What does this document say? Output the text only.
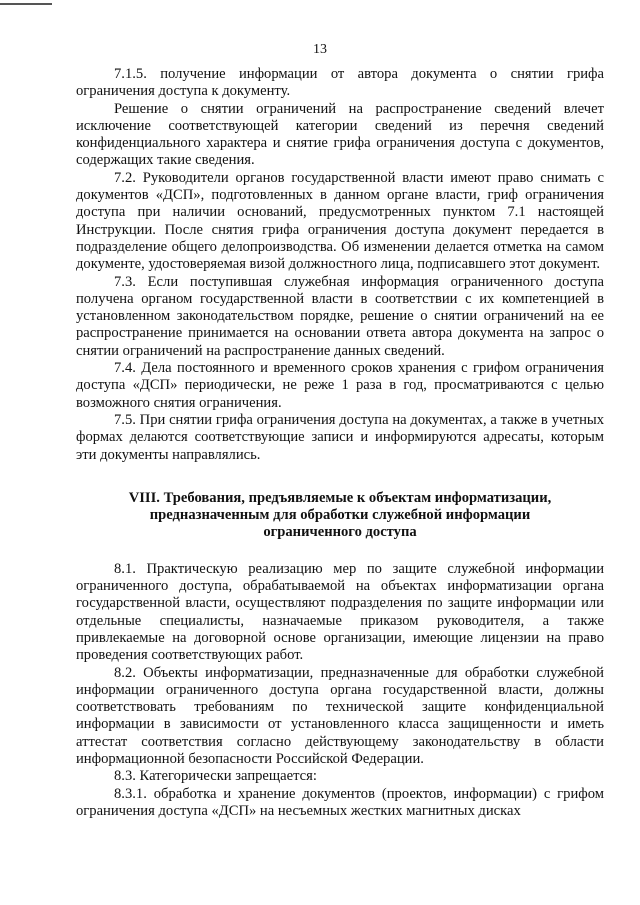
13

7.1.5. получение информации от автора документа о снятии грифа ограничения доступа к документу.

Решение о снятии ограничений на распространение сведений влечет исключение соответствующей категории сведений из перечня сведений конфиденциального характера и снятие грифа ограничения доступа с документов, содержащих такие сведения.

7.2. Руководители органов государственной власти имеют право снимать с документов «ДСП», подготовленных в данном органе власти, гриф ограничения доступа при наличии оснований, предусмотренных пунктом 7.1 настоящей Инструкции. После снятия грифа ограничения доступа документ передается в подразделение общего делопроизводства. Об изменении делается отметка на самом документе, удостоверяемая визой должностного лица, подписавшего этот документ.

7.3. Если поступившая служебная информация ограниченного доступа получена органом государственной власти в соответствии с их компетенцией в установленном законодательством порядке, решение о снятии ограничений на ее распространение принимается на основании ответа автора документа на запрос о снятии ограничений на распространение данных сведений.

7.4. Дела постоянного и временного сроков хранения с грифом ограничения доступа «ДСП» периодически, не реже 1 раза в год, просматриваются с целью возможного снятия ограничения.

7.5. При снятии грифа ограничения доступа на документах, а также в учетных формах делаются соответствующие записи и информируются адресаты, которым эти документы направлялись.

VIII. Требования, предъявляемые к объектам информатизации,
предназначенным для обработки служебной информации
ограниченного доступа

8.1. Практическую реализацию мер по защите служебной информации ограниченного доступа, обрабатываемой на объектах информатизации органа государственной власти, осуществляют подразделения по защите информации или отдельные специалисты, назначаемые приказом руководителя, а также привлекаемые на договорной основе организации, имеющие лицензии на право проведения соответствующих работ.

8.2. Объекты информатизации, предназначенные для обработки служебной информации ограниченного доступа органа государственной власти, должны соответствовать требованиям по технической защите конфиденциальной информации в зависимости от установленного класса защищенности и иметь аттестат соответствия согласно действующему законодательству в области информационной безопасности Российской Федерации.

8.3. Категорически запрещается:

8.3.1. обработка и хранение документов (проектов, информации) с грифом ограничения доступа «ДСП» на несъемных жестких магнитных дисках
